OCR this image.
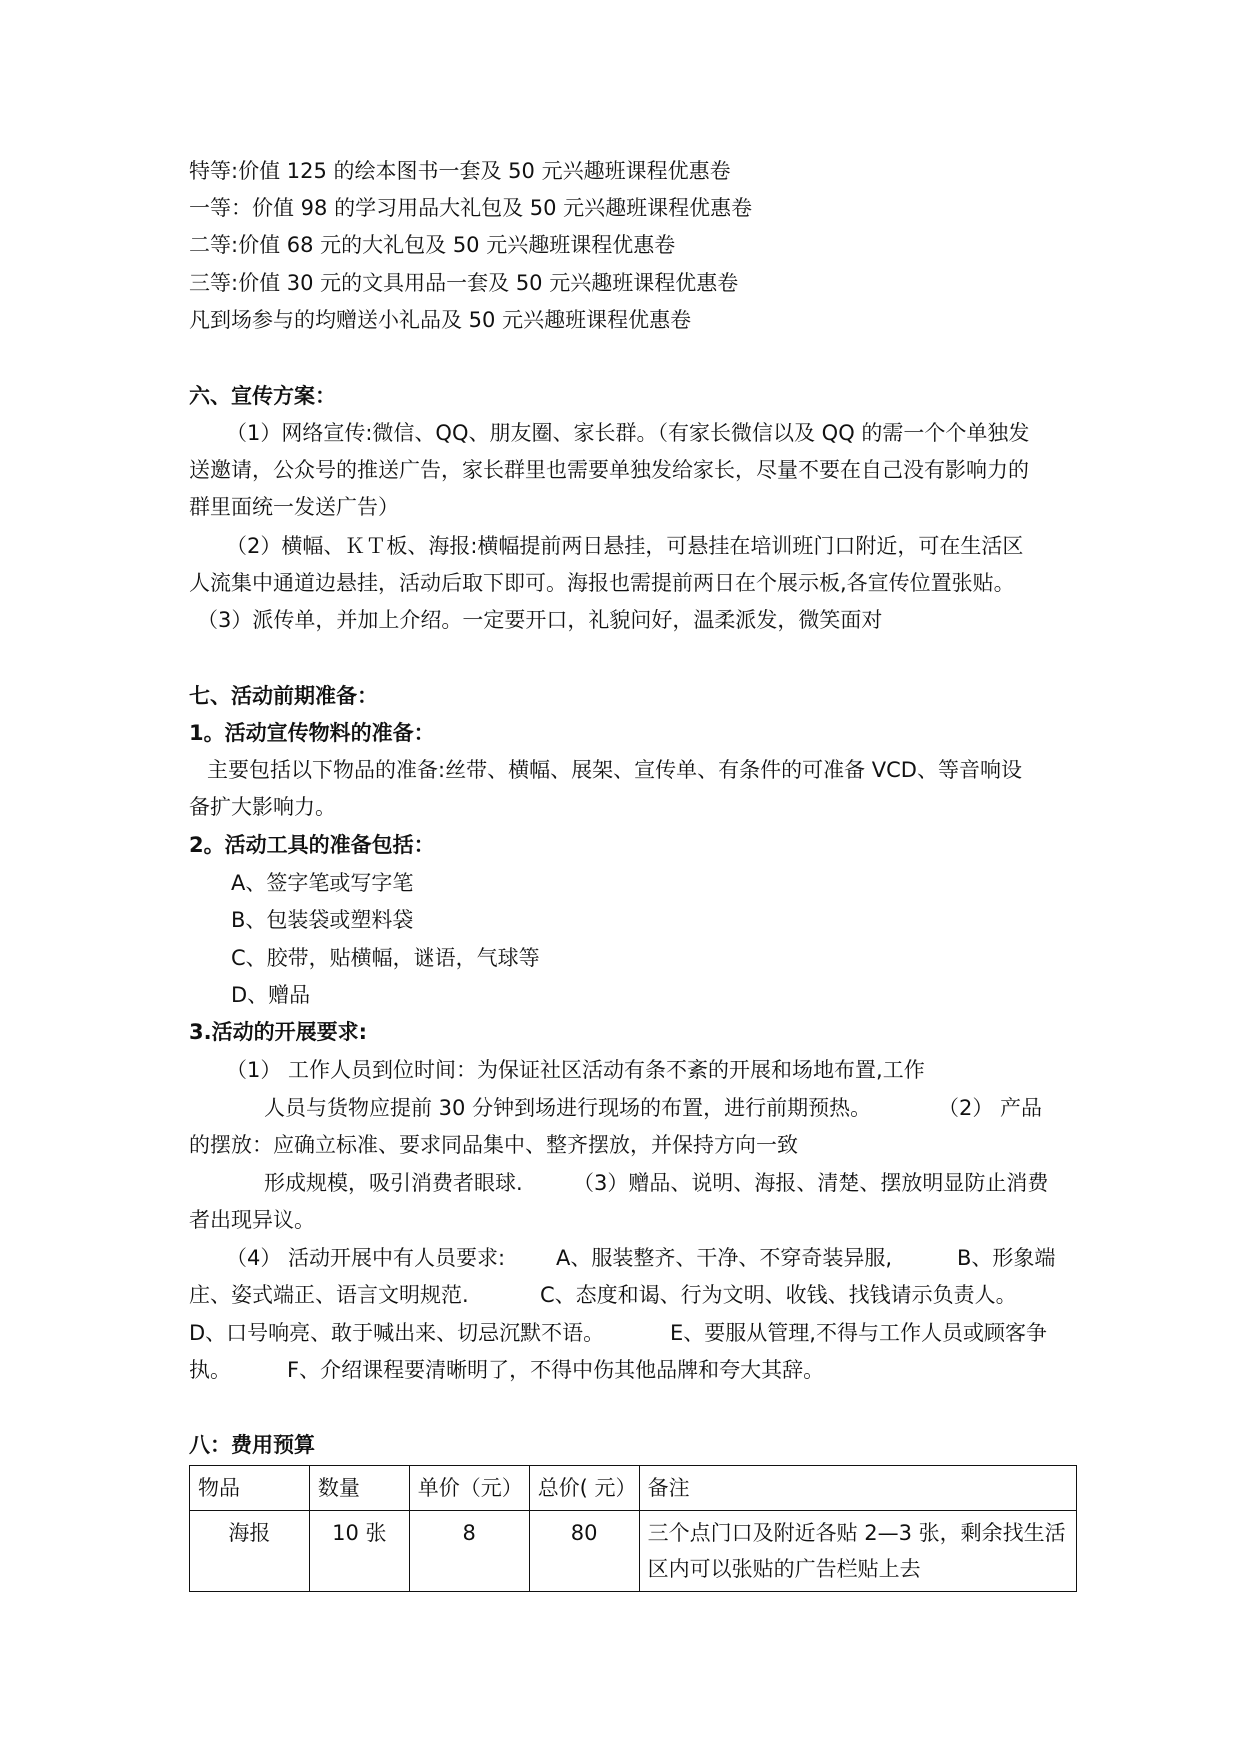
特等:价值 125 的绘本图书一套及 50 元兴趣班课程优惠卷
一等：价值 98 的学习用品大礼包及 50 元兴趣班课程优惠卷
二等:价值 68 元的大礼包及 50 元兴趣班课程优惠卷
三等:价值 30 元的文具用品一套及 50 元兴趣班课程优惠卷
凡到场参与的均赠送小礼品及 50 元兴趣班课程优惠卷
六、宣传方案：
（1）网络宣传:微信、QQ、朋友圈、家长群。（有家长微信以及 QQ 的需一个个单独发
送邀请，公众号的推送广告，家长群里也需要单独发给家长，尽量不要在自己没有影响力的
群里面统一发送广告）
（2）横幅、ＫＴ板、海报:横幅提前两日悬挂，可悬挂在培训班门口附近，可在生活区
人流集中通道边悬挂，活动后取下即可。海报也需提前两日在个展示板,各宣传位置张贴。
（3）派传单，并加上介绍。一定要开口，礼貌问好，温柔派发，微笑面对
七、活动前期准备：
1。活动宣传物料的准备：
主要包括以下物品的准备:丝带、横幅、展架、宣传单、有条件的可准备 VCD、等音响设
备扩大影响力。
2。活动工具的准备包括：
A、签字笔或写字笔
B、包装袋或塑料袋
C、胶带，贴横幅，谜语，气球等
D、赠品
3.活动的开展要求:
（1） 工作人员到位时间：为保证社区活动有条不紊的开展和场地布置,工作
人员与货物应提前 30 分钟到场进行现场的布置，进行前期预热。	（2） 产品
的摆放：应确立标准、要求同品集中、整齐摆放，并保持方向一致
形成规模，吸引消费者眼球. （3）赠品、说明、海报、清楚、摆放明显防止消费
者出现异议。
（4） 活动开展中有人员要求: A、服装整齐、干净、不穿奇装异服,	B、形象端
庄、姿式端正、语言文明规范.	C、态度和谒、行为文明、收钱、找钱请示负责人。
D、口号响亮、敢于喊出来、切忌沉默不语。	E、要服从管理,不得与工作人员或顾客争
执。	F、介绍课程要清晰明了，不得中伤其他品牌和夸大其辞。
八：费用预算
物品	数量	单价（元）	总价( 元）	备注
海报	10 张	8	80	三个点门口及附近各贴 2—3 张，剩余找生活区内可以张贴的广告栏贴上去
